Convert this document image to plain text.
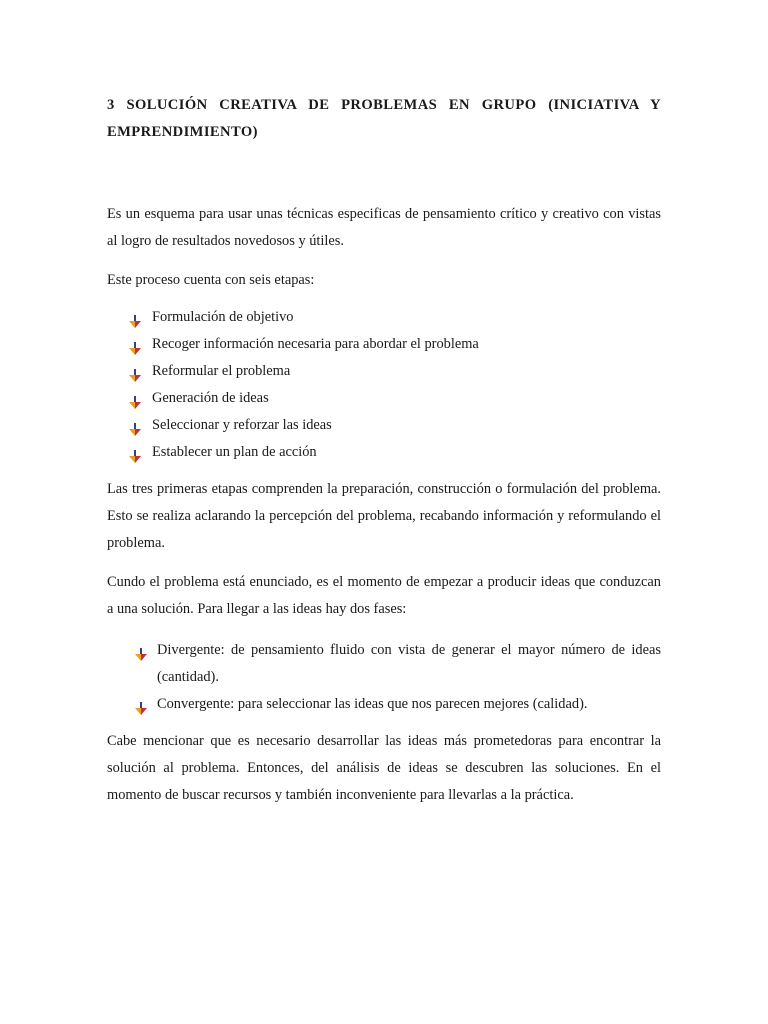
3 SOLUCIÓN CREATIVA DE PROBLEMAS EN GRUPO (INICIATIVA Y EMPRENDIMIENTO)

Es un esquema para usar unas técnicas especificas de pensamiento crítico y creativo con vistas al logro de resultados novedosos y útiles.

Este proceso cuenta con seis etapas:

Formulación de objetivo
Recoger información necesaria para abordar el problema
Reformular el problema
Generación de ideas
Seleccionar y reforzar las ideas
Establecer un plan de acción

Las tres primeras etapas comprenden la preparación, construcción o formulación del problema. Esto se realiza aclarando la percepción del problema, recabando información y reformulando el problema.

Cundo el problema está enunciado, es el momento de empezar a producir ideas que conduzcan a una solución. Para llegar a las ideas hay dos fases:

Divergente: de pensamiento fluido con vista de generar el mayor número de ideas (cantidad).
Convergente: para seleccionar las ideas que nos parecen mejores (calidad).

Cabe mencionar que es necesario desarrollar las ideas más prometedoras para encontrar la solución al problema. Entonces, del análisis de ideas se descubren las soluciones. En el momento de buscar recursos y también inconveniente para llevarlas a la práctica.
